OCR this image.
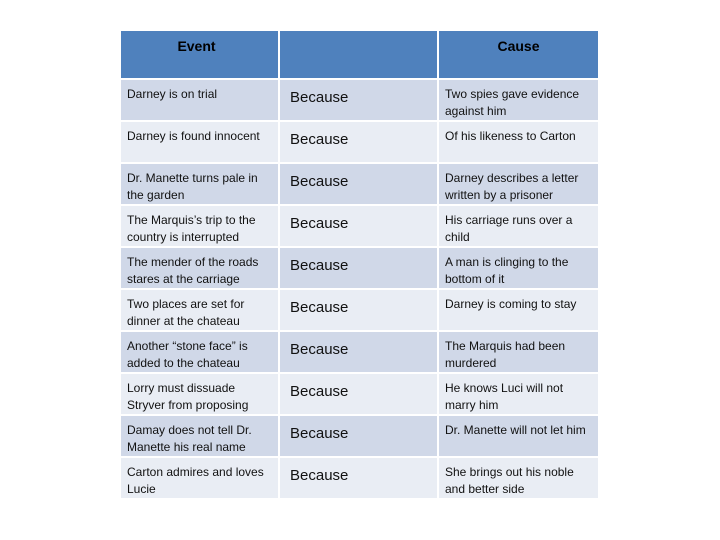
Event		Cause
Darney is on trial	Because	Two spies gave evidence against him
Darney is found innocent	Because	Of his likeness to Carton
Dr. Manette turns pale in the garden	Because	Darney describes a letter written by a prisoner
The Marquis’s trip to the country is interrupted	Because	His carriage runs over a child
The mender of the roads stares at the carriage	Because	A man is clinging to the bottom of it
Two places are set for dinner at the chateau	Because	Darney is coming to stay
Another “stone face” is added to the chateau	Because	The Marquis had been murdered
Lorry must dissuade Stryver from proposing	Because	He knows Luci will not marry him
Damay does not tell Dr. Manette his real name	Because	Dr. Manette will not let him
Carton admires and loves Lucie	Because	She brings out his noble and better side
